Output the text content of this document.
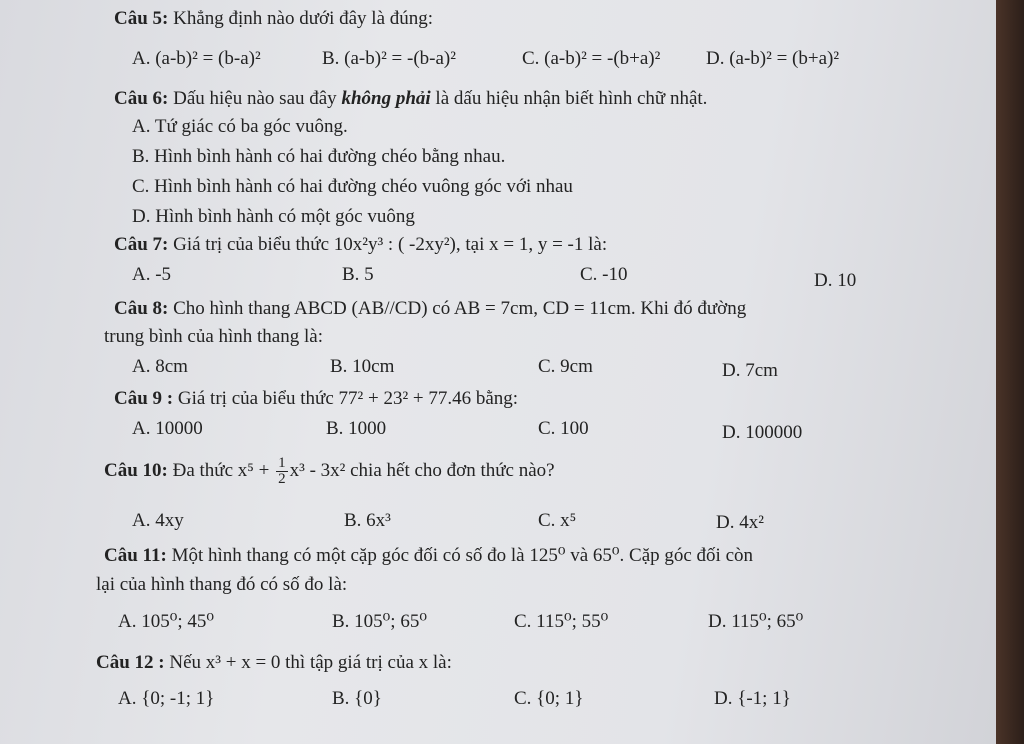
Câu 5: Khẳng định nào dưới đây là đúng:
A. (a-b)² = (b-a)²	B. (a-b)² = -(b-a)²	C. (a-b)² = -(b+a)² D. (a-b)² = (b+a)²
Câu 6: Dấu hiệu nào sau đây không phải là dấu hiệu nhận biết hình chữ nhật.
A. Tứ giác có ba góc vuông.
B. Hình bình hành có hai đường chéo bằng nhau.
C. Hình bình hành có hai đường chéo vuông góc với nhau
D. Hình bình hành có một góc vuông
Câu 7: Giá trị của biểu thức 10x²y³ : ( -2xy²), tại x = 1, y = -1 là:
A. -5	B. 5	C. -10	D. 10
Câu 8: Cho hình thang ABCD (AB//CD) có AB = 7cm, CD = 11cm. Khi đó đường
trung bình của hình thang là:
A. 8cm	B. 10cm	C. 9cm	D. 7cm
Câu 9 : Giá trị của biểu thức 77² + 23² + 77.46 bằng:
A. 10000	B. 1000	C. 100	D. 100000
Câu 10: Đa thức $x^5 + \frac{1}{2} x^3 - 3x^2$ chia hết cho đơn thức nào?
A. 4xy	B. 6x³	C. x⁵	D. 4x²
Câu 11: Một hình thang có một cặp góc đối có số đo là 125⁰ và 65⁰. Cặp góc đối còn
lại của hình thang đó có số đo là:
A. 105⁰; 45⁰	B. 105⁰; 65⁰	C. 115⁰; 55⁰	D. 115⁰; 65⁰
Câu 12 : Nếu x³ + x = 0 thì tập giá trị của x là:
A. {0; -1; 1}	B. {0}	C. {0; 1}	D. {-1; 1}
